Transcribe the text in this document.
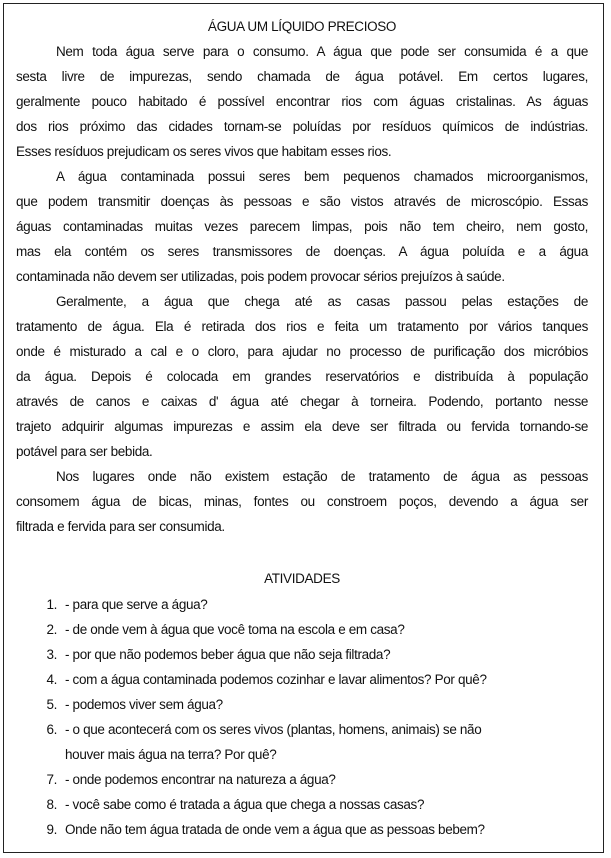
ÁGUA UM LÍQUIDO PRECIOSO
Nem toda água serve para o consumo. A água que pode ser consumida é a que
sesta livre de impurezas, sendo chamada de água potável. Em certos lugares,
geralmente pouco habitado é possível encontrar rios com águas cristalinas. As águas
dos rios próximo das cidades tornam-se poluídas por resíduos químicos de indústrias.
Esses resíduos prejudicam os seres vivos que habitam esses rios.
A água contaminada possui seres bem pequenos chamados microorganismos,
que podem transmitir doenças às pessoas e são vistos através de microscópio. Essas
águas contaminadas muitas vezes parecem limpas, pois não tem cheiro, nem gosto,
mas ela contém os seres transmissores de doenças. A água poluída e a água
contaminada não devem ser utilizadas, pois podem provocar sérios prejuízos à saúde.
Geralmente, a água que chega até as casas passou pelas estações de
tratamento de água. Ela é retirada dos rios e feita um tratamento por vários tanques
onde é misturado a cal e o cloro, para ajudar no processo de purificação dos micróbios
da água. Depois é colocada em grandes reservatórios e distribuída à população
através de canos e caixas d' água até chegar à torneira. Podendo, portanto nesse
trajeto adquirir algumas impurezas e assim ela deve ser filtrada ou fervida tornando-se
potável para ser bebida.
Nos lugares onde não existem estação de tratamento de água as pessoas
consomem água de bicas, minas, fontes ou constroem poços, devendo a água ser
filtrada e fervida para ser consumida.
ATIVIDADES
1. - para que serve a água?
2. - de onde vem à água que você toma na escola e em casa?
3. - por que não podemos beber água que não seja filtrada?
4. - com a água contaminada podemos cozinhar e lavar alimentos? Por quê?
5. - podemos viver sem água?
6. - o que acontecerá com os seres vivos (plantas, homens, animais) se não
houver mais água na terra? Por quê?
7. - onde podemos encontrar na natureza a água?
8. - você sabe como é tratada a água que chega a nossas casas?
9. Onde não tem água tratada de onde vem a água que as pessoas bebem?
